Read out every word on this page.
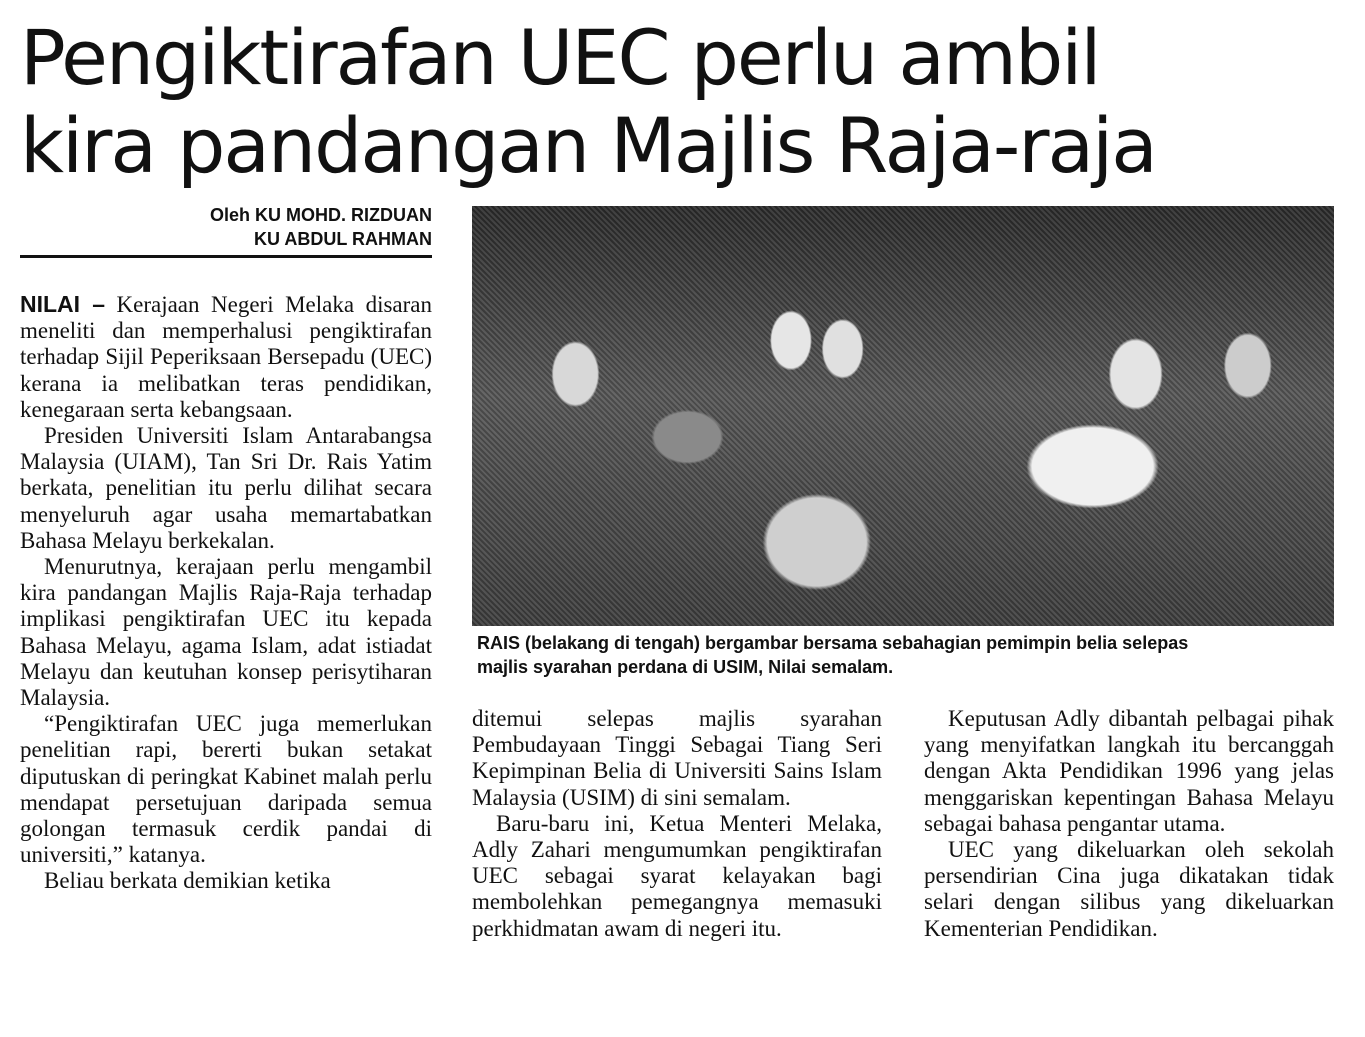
Pengiktirafan UEC perlu ambil
kira pandangan Majlis Raja-raja
Oleh KU MOHD. RIZDUAN
KU ABDUL RAHMAN

NILAI – Kerajaan Negeri Melaka disaran meneliti dan memperhalusi pengiktirafan terhadap Sijil Peperiksaan Bersepadu (UEC) kerana ia melibatkan teras pendidikan, kenegaraan serta kebangsaan.

Presiden Universiti Islam Antarabangsa Malaysia (UIAM), Tan Sri Dr. Rais Yatim berkata, penelitian itu perlu dilihat secara menyeluruh agar usaha memartabatkan Bahasa Melayu berkekalan.

Menurutnya, kerajaan perlu mengambil kira pandangan Majlis Raja-Raja terhadap implikasi pengiktirafan UEC itu kepada Bahasa Melayu, agama Islam, adat istiadat Melayu dan keutuhan konsep perisytiharan Malaysia.

“Pengiktirafan UEC juga memerlukan penelitian rapi, bererti bukan setakat diputuskan di peringkat Kabinet malah perlu mendapat persetujuan daripada semua golongan termasuk cerdik pandai di universiti,” katanya.

Beliau berkata demikian ketika

RAIS (belakang di tengah) bergambar bersama sebahagian pemimpin belia selepas
majlis syarahan perdana di USIM, Nilai semalam.

ditemui selepas majlis syarahan Pembudayaan Tinggi Sebagai Tiang Seri Kepimpinan Belia di Universiti Sains Islam Malaysia (USIM) di sini semalam.

Baru-baru ini, Ketua Menteri Melaka, Adly Zahari mengumumkan pengiktirafan UEC sebagai syarat kelayakan bagi membolehkan pemegangnya memasuki perkhidmatan awam di negeri itu.

Keputusan Adly dibantah pelbagai pihak yang menyifatkan langkah itu bercanggah dengan Akta Pendidikan 1996 yang jelas menggariskan kepentingan Bahasa Melayu sebagai bahasa pengantar utama.

UEC yang dikeluarkan oleh sekolah persendirian Cina juga dikatakan tidak selari dengan silibus yang dikeluarkan Kementerian Pendidikan.
